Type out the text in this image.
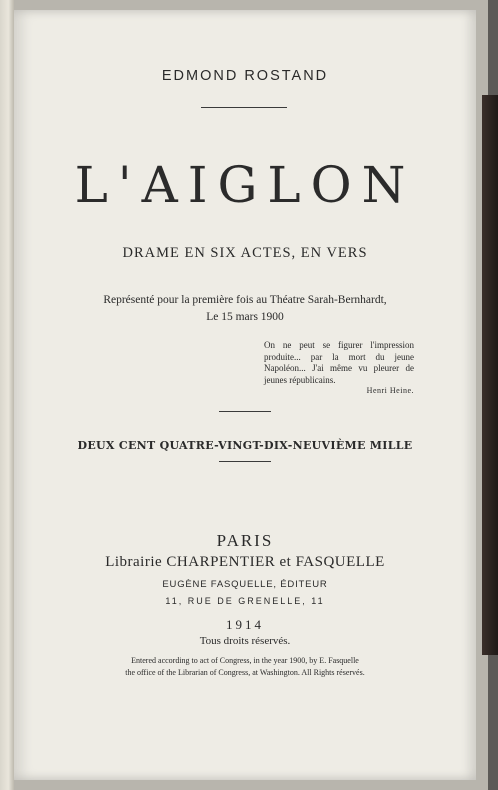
EDMOND ROSTAND
L'AIGLON
DRAME EN SIX ACTES, EN VERS
Représenté pour la première fois au Théatre Sarah-Bernhardt,
Le 15 mars 1900
On ne peut se figurer l'impression produite... par la mort du jeune Napoléon... J'ai même vu pleurer de jeunes républicains.
Henri Heine.
DEUX CENT QUATRE-VINGT-DIX-NEUVIÈME MILLE
PARIS
Librairie CHARPENTIER et FASQUELLE
EUGÈNE FASQUELLE, ÉDITEUR
11, RUE DE GRENELLE, 11
1914
Tous droits réservés.
Entered according to act of Congress, in the year 1900, by E. Fasquelle
the office of the Librarian of Congress, at Washington. All Rights réservés.
